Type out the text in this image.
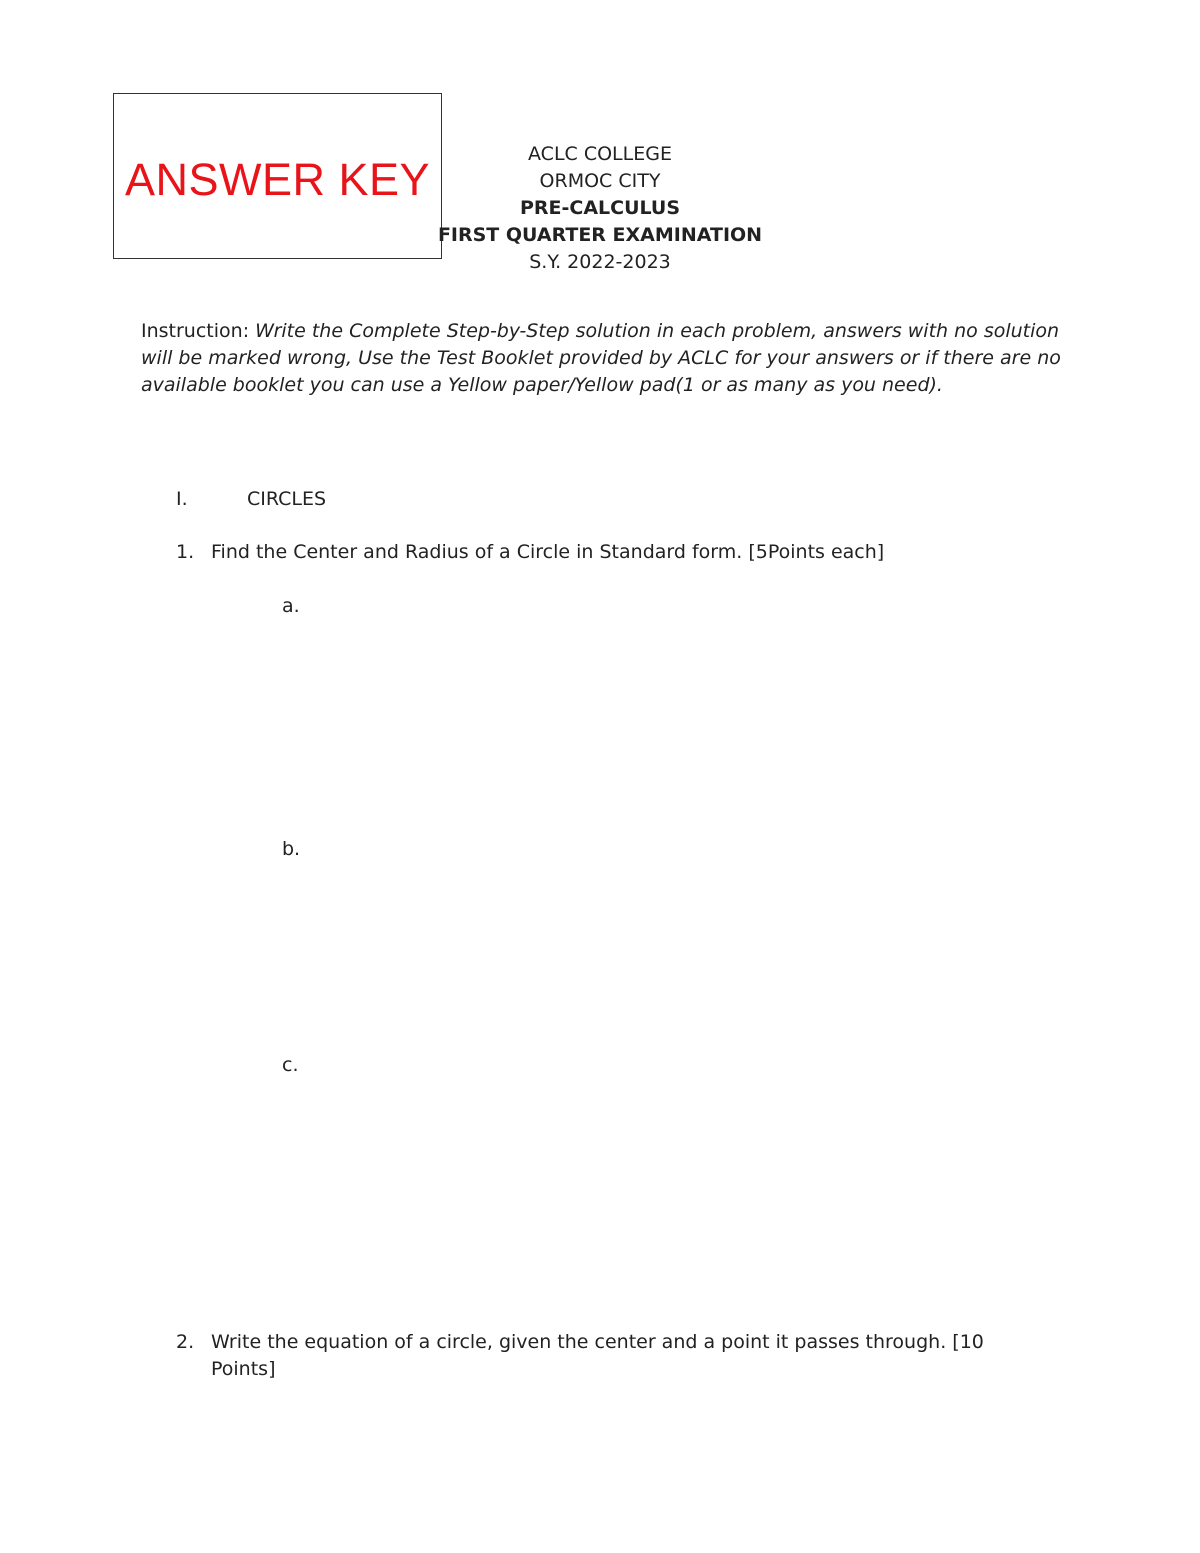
ANSWER KEY	ACLC COLLEGE
ORMOC CITY
PRE-CALCULUS
FIRST QUARTER EXAMINATION
S.Y. 2022-2023
Instruction: Write the Complete Step-by-Step solution in each problem, answers with no solution will be marked wrong, Use the Test Booklet provided by ACLC for your answers or if there are no available booklet you can use a Yellow paper/Yellow pad(1 or as many as you need).
I.	CIRCLES
1. Find the Center and Radius of a Circle in Standard form. [5Points each]
a.
b.
c.
2. Write the equation of a circle, given the center and a point it passes through. [10 Points]
